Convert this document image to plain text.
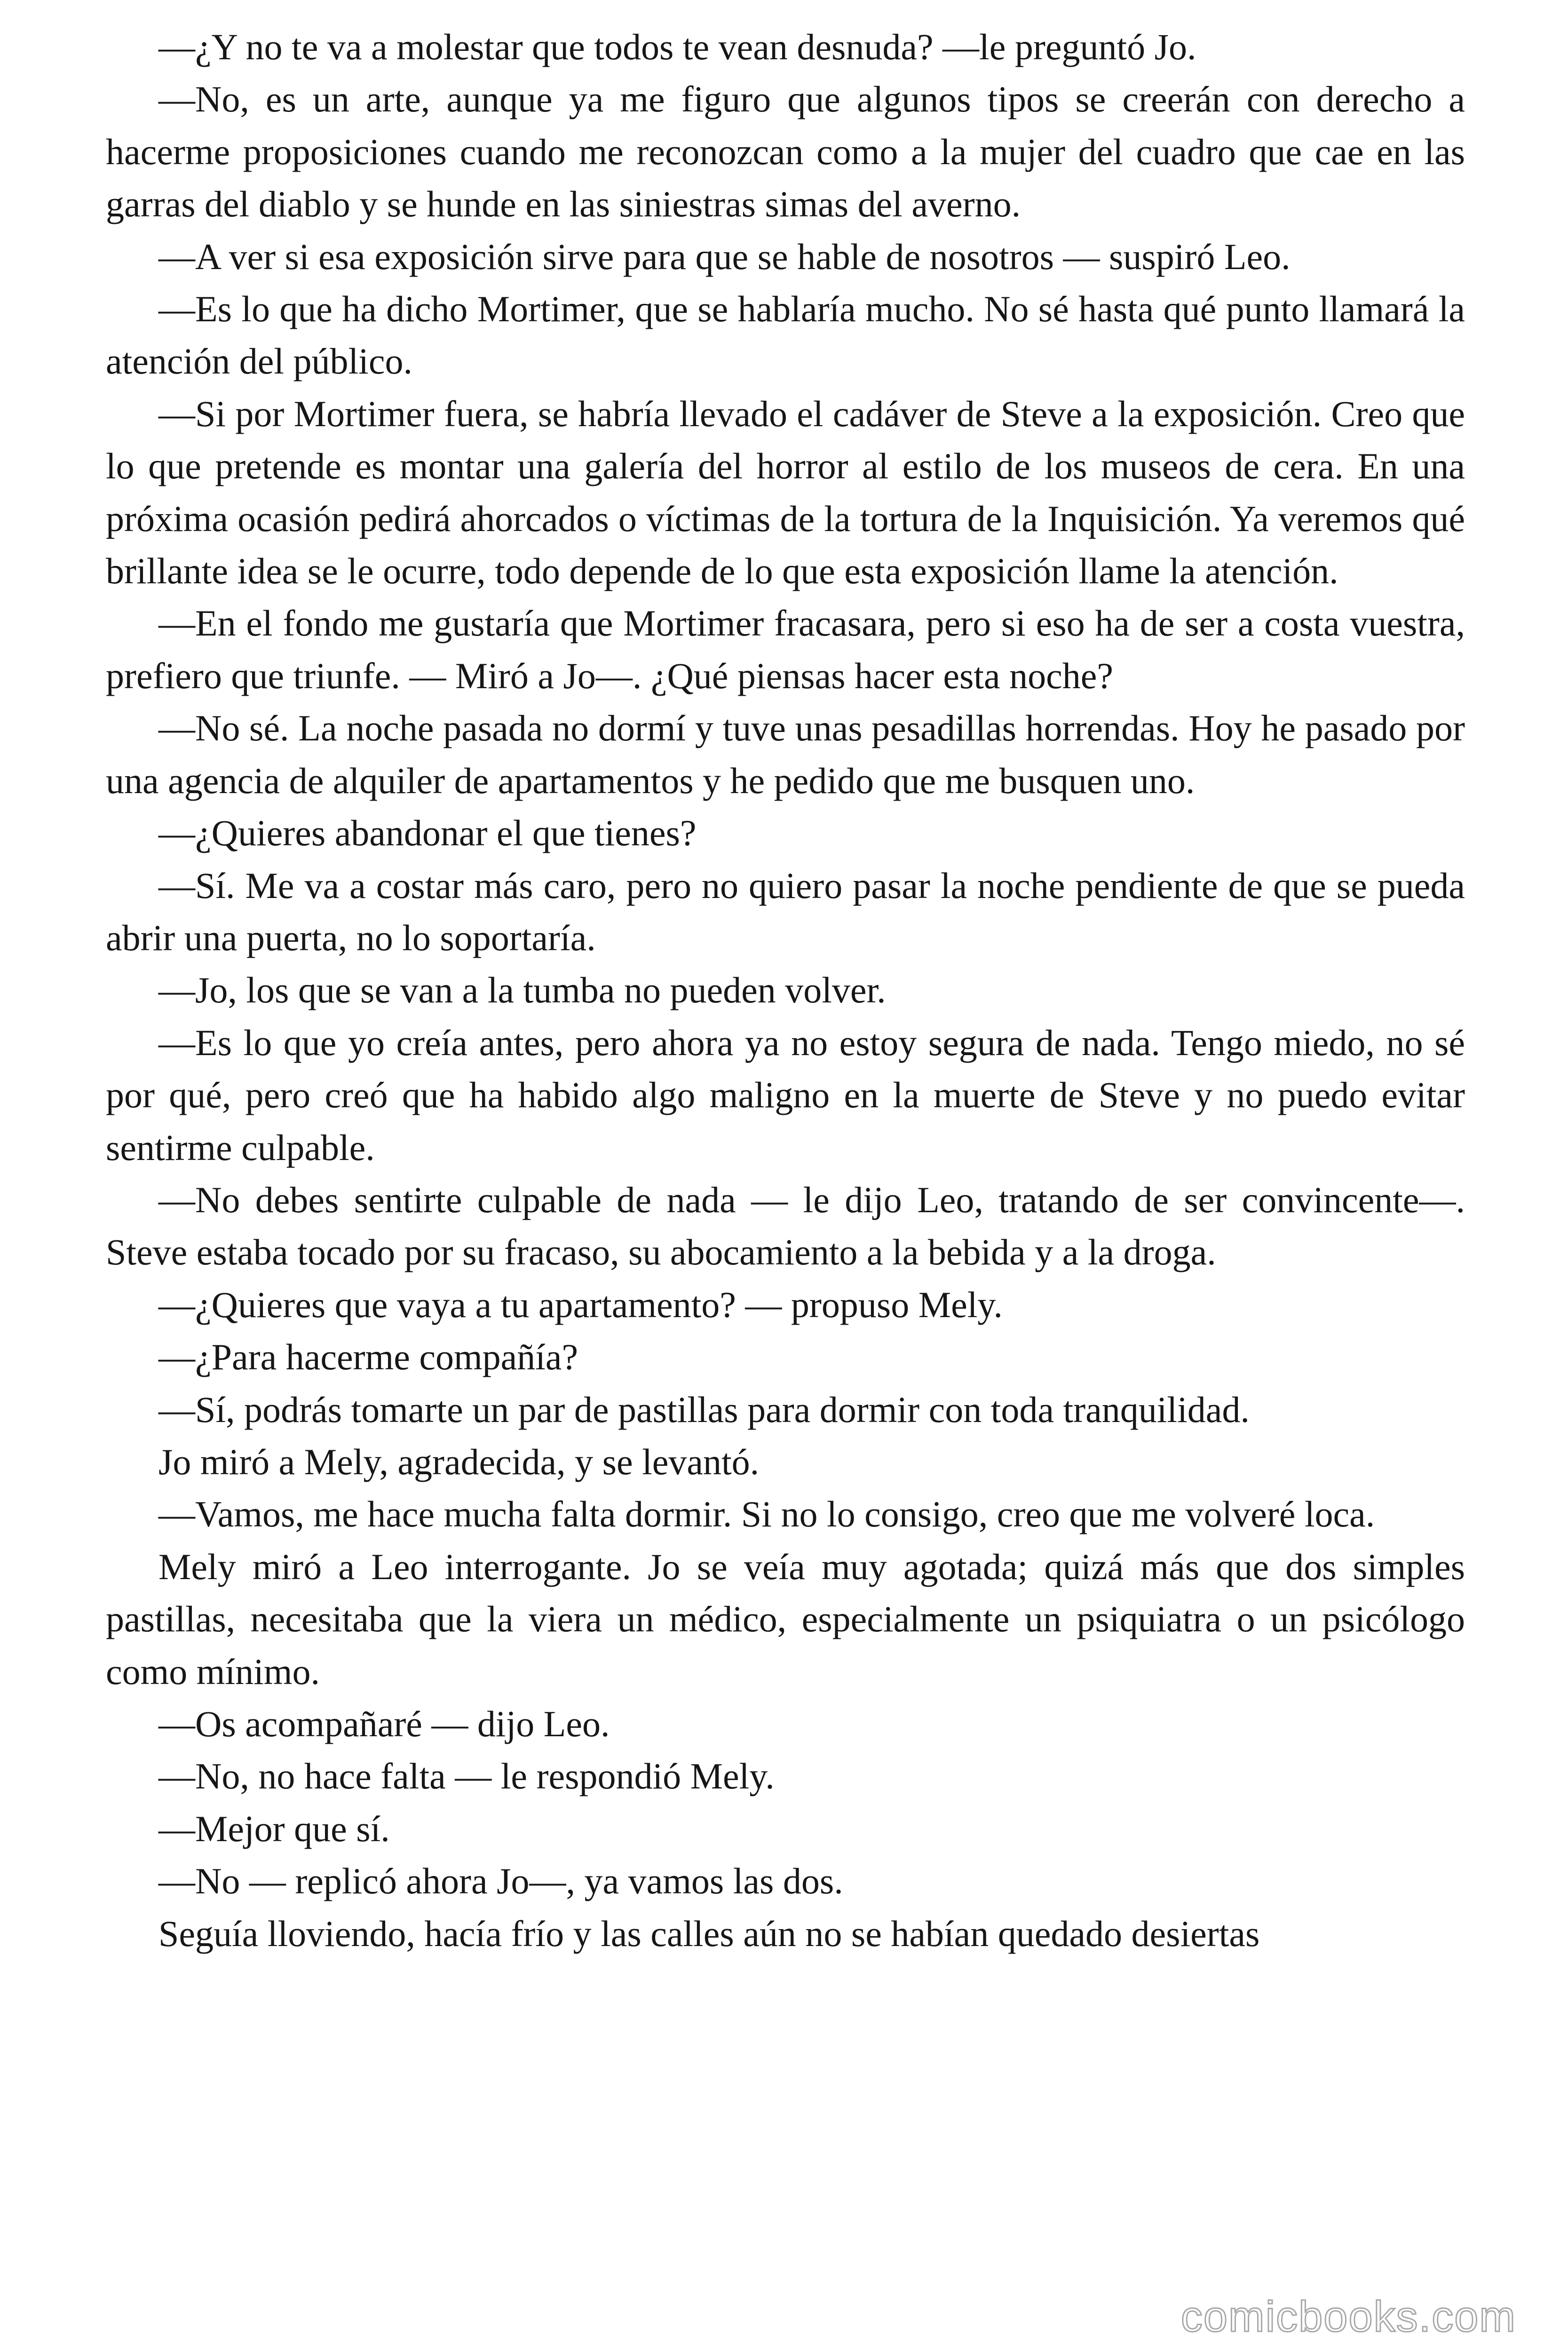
—¿Y no te va a molestar que todos te vean desnuda? —le preguntó Jo.

—No, es un arte, aunque ya me figuro que algunos tipos se creerán con derecho a hacerme proposiciones cuando me reconozcan como a la mujer del cuadro que cae en las garras del diablo y se hunde en las siniestras simas del averno.

—A ver si esa exposición sirve para que se hable de nosotros — suspiró Leo.

—Es lo que ha dicho Mortimer, que se hablaría mucho. No sé hasta qué punto llamará la atención del público.

—Si por Mortimer fuera, se habría llevado el cadáver de Steve a la exposición. Creo que lo que pretende es montar una galería del horror al estilo de los museos de cera. En una próxima ocasión pedirá ahorcados o víctimas de la tortura de la Inquisición. Ya veremos qué brillante idea se le ocurre, todo depende de lo que esta exposición llame la atención.

—En el fondo me gustaría que Mortimer fracasara, pero si eso ha de ser a costa vuestra, prefiero que triunfe. — Miró a Jo—. ¿Qué piensas hacer esta noche?

—No sé. La noche pasada no dormí y tuve unas pesadillas horrendas. Hoy he pasado por una agencia de alquiler de apartamentos y he pedido que me busquen uno.

—¿Quieres abandonar el que tienes?

—Sí. Me va a costar más caro, pero no quiero pasar la noche pendiente de que se pueda abrir una puerta, no lo soportaría.

—Jo, los que se van a la tumba no pueden volver.

—Es lo que yo creía antes, pero ahora ya no estoy segura de nada. Tengo miedo, no sé por qué, pero creó que ha habido algo maligno en la muerte de Steve y no puedo evitar sentirme culpable.

—No debes sentirte culpable de nada — le dijo Leo, tratando de ser convincente—. Steve estaba tocado por su fracaso, su abocamiento a la bebida y a la droga.

—¿Quieres que vaya a tu apartamento? — propuso Mely.

—¿Para hacerme compañía?

—Sí, podrás tomarte un par de pastillas para dormir con toda tranquilidad.

Jo miró a Mely, agradecida, y se levantó.

—Vamos, me hace mucha falta dormir. Si no lo consigo, creo que me volveré loca.

Mely miró a Leo interrogante. Jo se veía muy agotada; quizá más que dos simples pastillas, necesitaba que la viera un médico, especialmente un psiquiatra o un psicólogo como mínimo.

—Os acompañaré — dijo Leo.

—No, no hace falta — le respondió Mely.

—Mejor que sí.

—No — replicó ahora Jo—, ya vamos las dos.

Seguía lloviendo, hacía frío y las calles aún no se habían quedado desiertas

comicbooks.com
